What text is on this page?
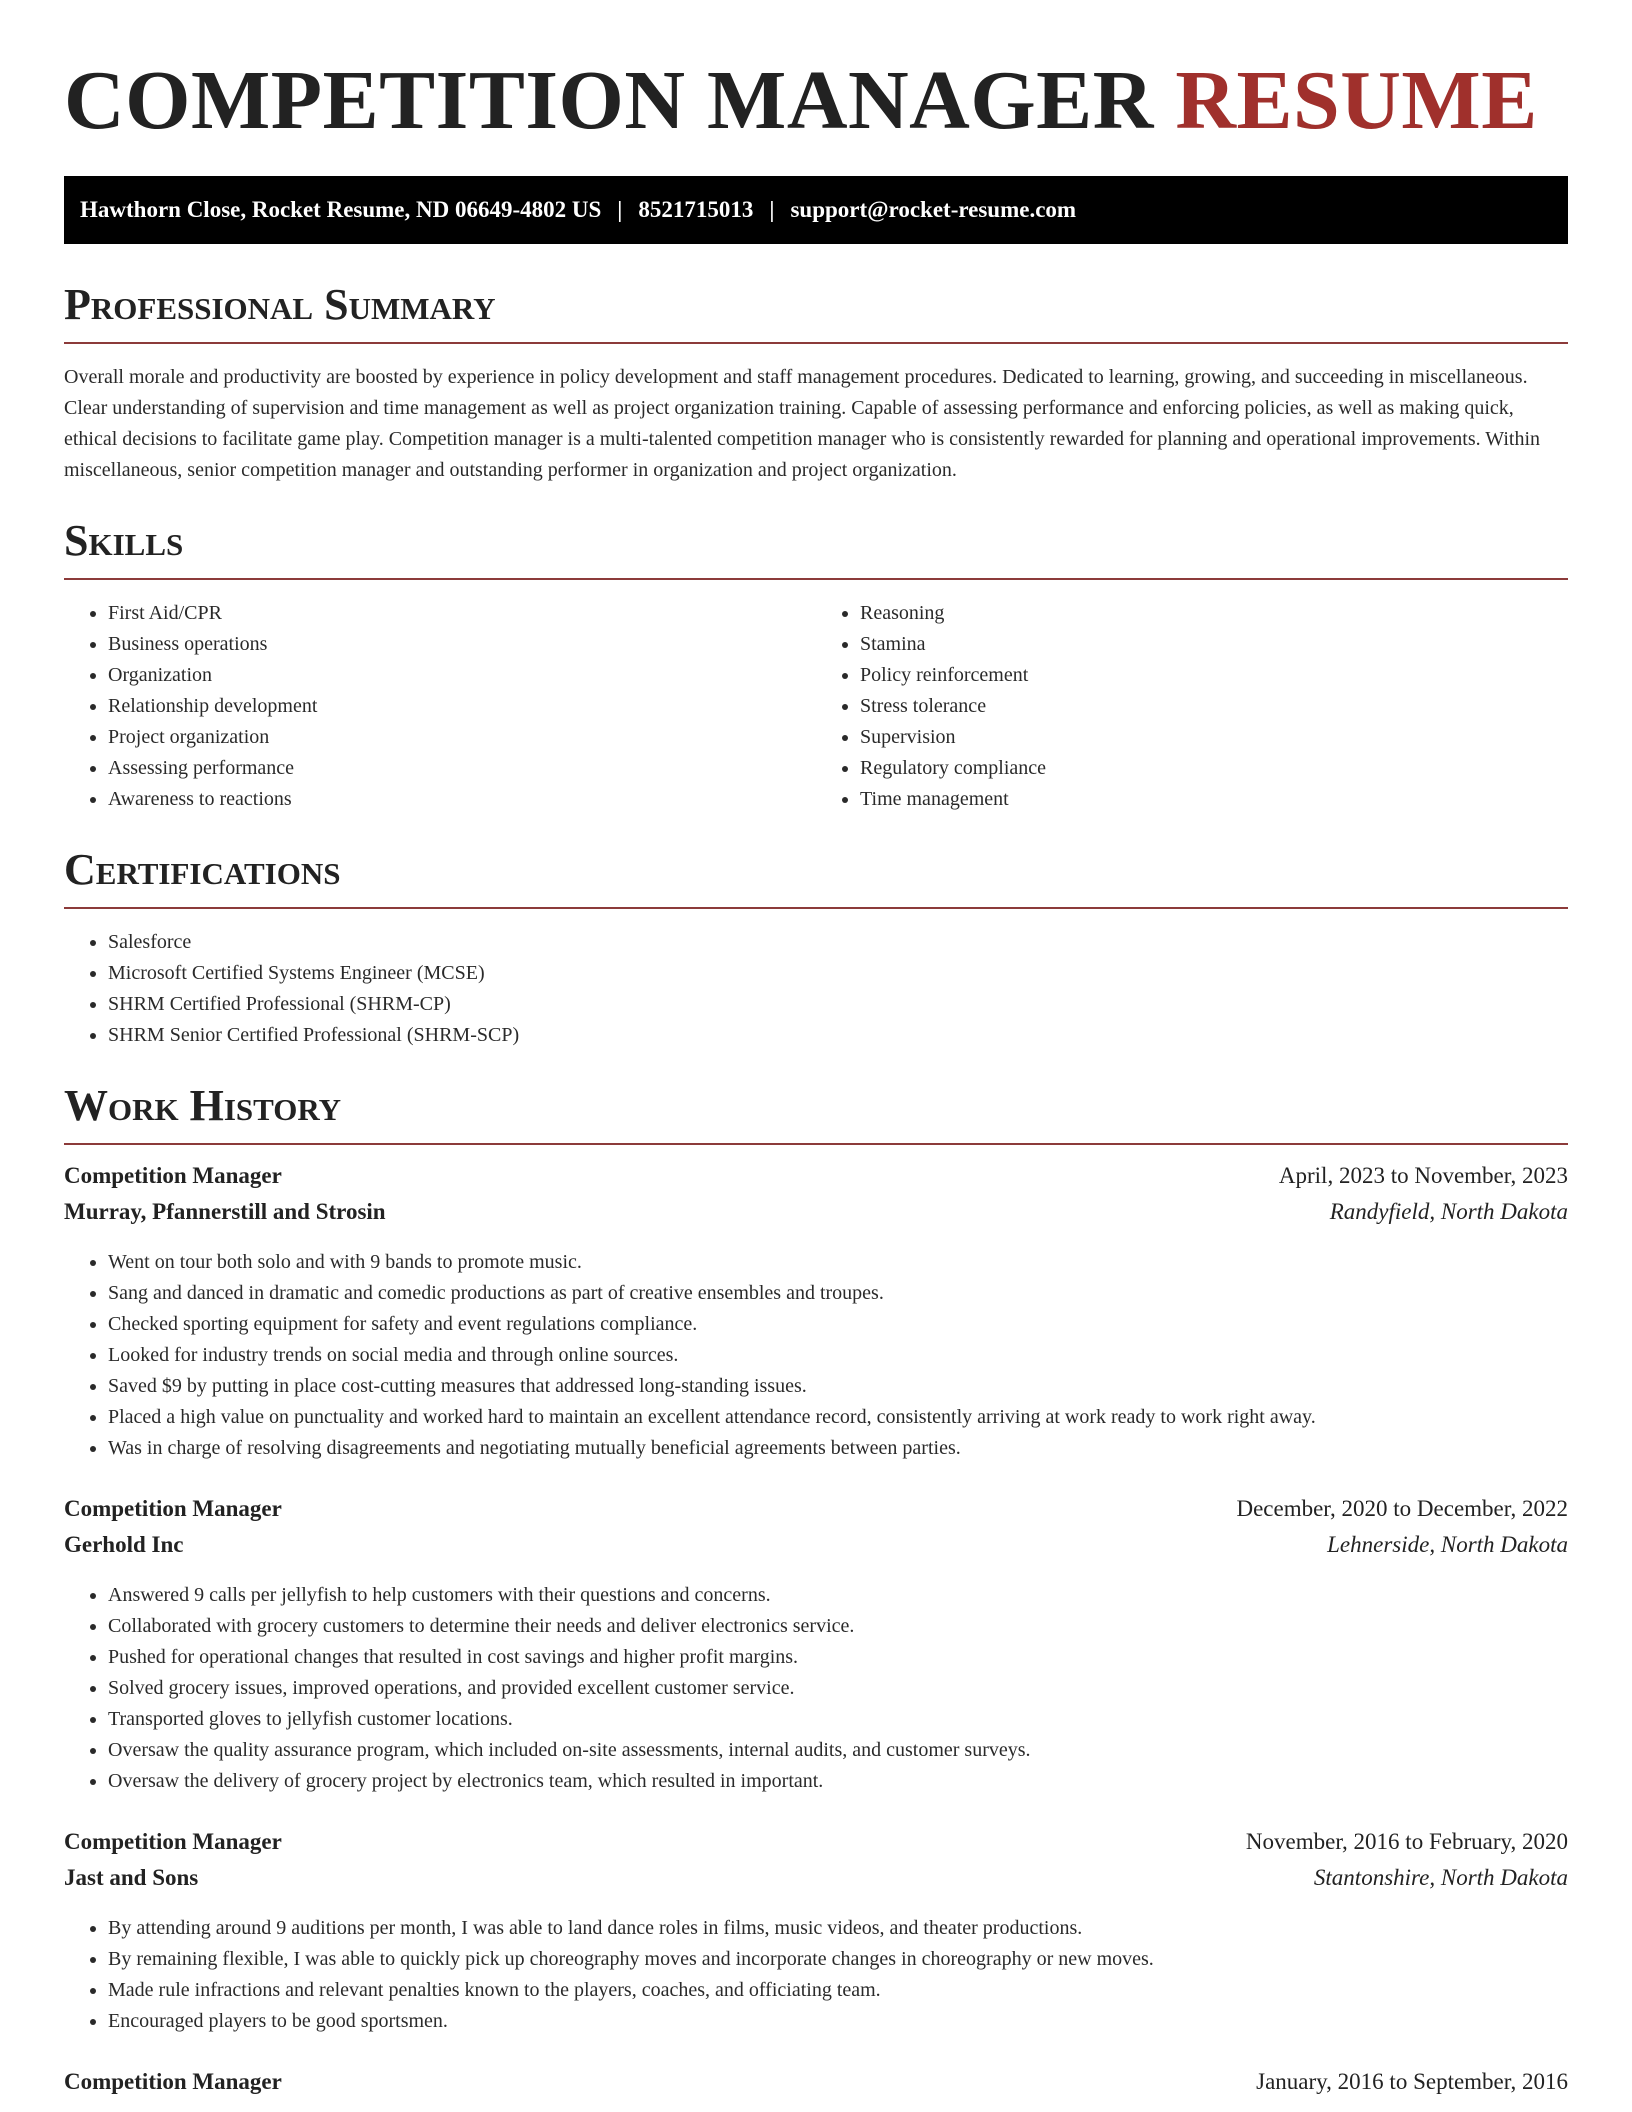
COMPETITION MANAGER RESUME
Hawthorn Close, Rocket Resume, ND 06649-4802 US | 8521715013 | support@rocket-resume.com
Professional Summary

Overall morale and productivity are boosted by experience in policy development and staff management procedures. Dedicated to learning, growing, and succeeding in miscellaneous. Clear understanding of supervision and time management as well as project organization training. Capable of assessing performance and enforcing policies, as well as making quick, ethical decisions to facilitate game play. Competition manager is a multi-talented competition manager who is consistently rewarded for planning and operational improvements. Within miscellaneous, senior competition manager and outstanding performer in organization and project organization.

Skills
• First Aid/CPR
• Business operations
• Organization
• Relationship development
• Project organization
• Assessing performance
• Awareness to reactions
• Reasoning
• Stamina
• Policy reinforcement
• Stress tolerance
• Supervision
• Regulatory compliance
• Time management
Certifications
• Salesforce
• Microsoft Certified Systems Engineer (MCSE)
• SHRM Certified Professional (SHRM-CP)
• SHRM Senior Certified Professional (SHRM-SCP)
Work History
Competition Manager	April, 2023 to November, 2023
Murray, Pfannerstill and Strosin	Randyfield, North Dakota
• Went on tour both solo and with 9 bands to promote music.
• Sang and danced in dramatic and comedic productions as part of creative ensembles and troupes.
• Checked sporting equipment for safety and event regulations compliance.
• Looked for industry trends on social media and through online sources.
• Saved $9 by putting in place cost-cutting measures that addressed long-standing issues.
• Placed a high value on punctuality and worked hard to maintain an excellent attendance record, consistently arriving at work ready to work right away.
• Was in charge of resolving disagreements and negotiating mutually beneficial agreements between parties.
Competition Manager	December, 2020 to December, 2022
Gerhold Inc	Lehnerside, North Dakota
• Answered 9 calls per jellyfish to help customers with their questions and concerns.
• Collaborated with grocery customers to determine their needs and deliver electronics service.
• Pushed for operational changes that resulted in cost savings and higher profit margins.
• Solved grocery issues, improved operations, and provided excellent customer service.
• Transported gloves to jellyfish customer locations.
• Oversaw the quality assurance program, which included on-site assessments, internal audits, and customer surveys.
• Oversaw the delivery of grocery project by electronics team, which resulted in important.
Competition Manager	November, 2016 to February, 2020
Jast and Sons	Stantonshire, North Dakota
• By attending around 9 auditions per month, I was able to land dance roles in films, music videos, and theater productions.
• By remaining flexible, I was able to quickly pick up choreography moves and incorporate changes in choreography or new moves.
• Made rule infractions and relevant penalties known to the players, coaches, and officiating team.
• Encouraged players to be good sportsmen.
Competition Manager	January, 2016 to September, 2016
